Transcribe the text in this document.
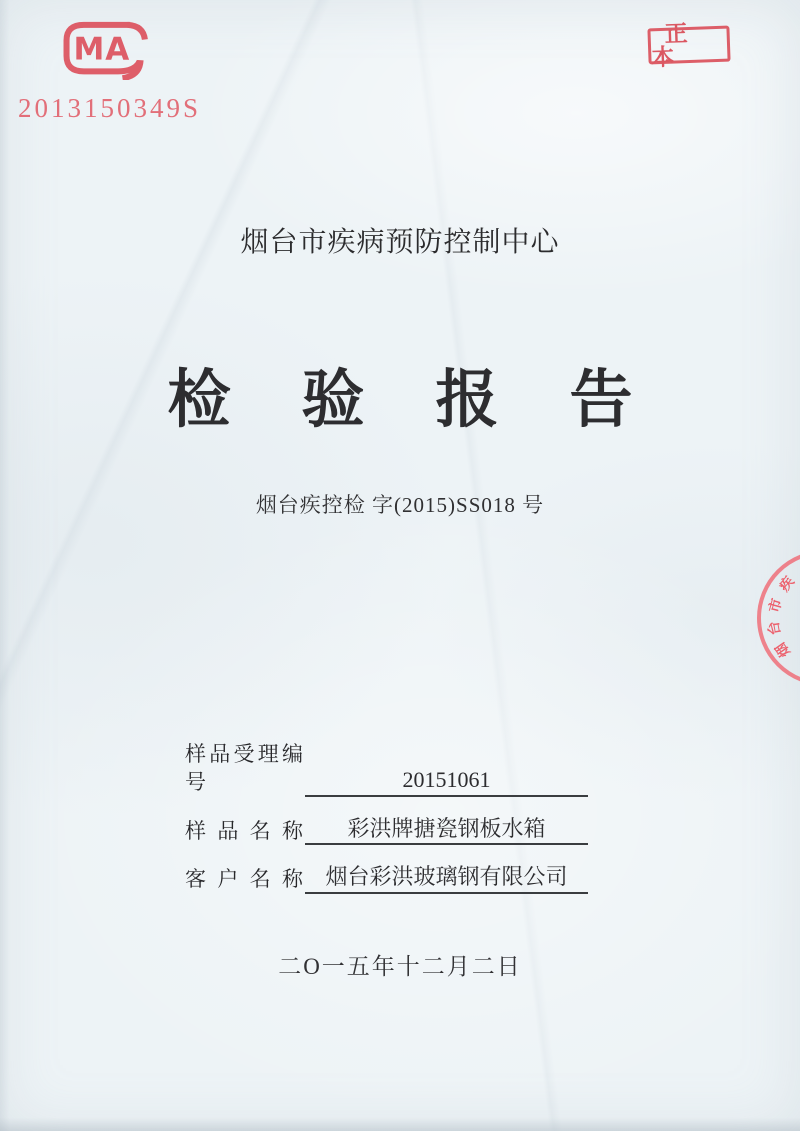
MA
2013150349S
正本
烟台市疾病预防控制中心
检验报告
烟台疾控检 字(2015)SS018 号
疾
市
台
烟
样品受理编号	20151061
样品名称	彩洪牌搪瓷钢板水箱
客户名称	烟台彩洪玻璃钢有限公司
二O一五年十二月二日
